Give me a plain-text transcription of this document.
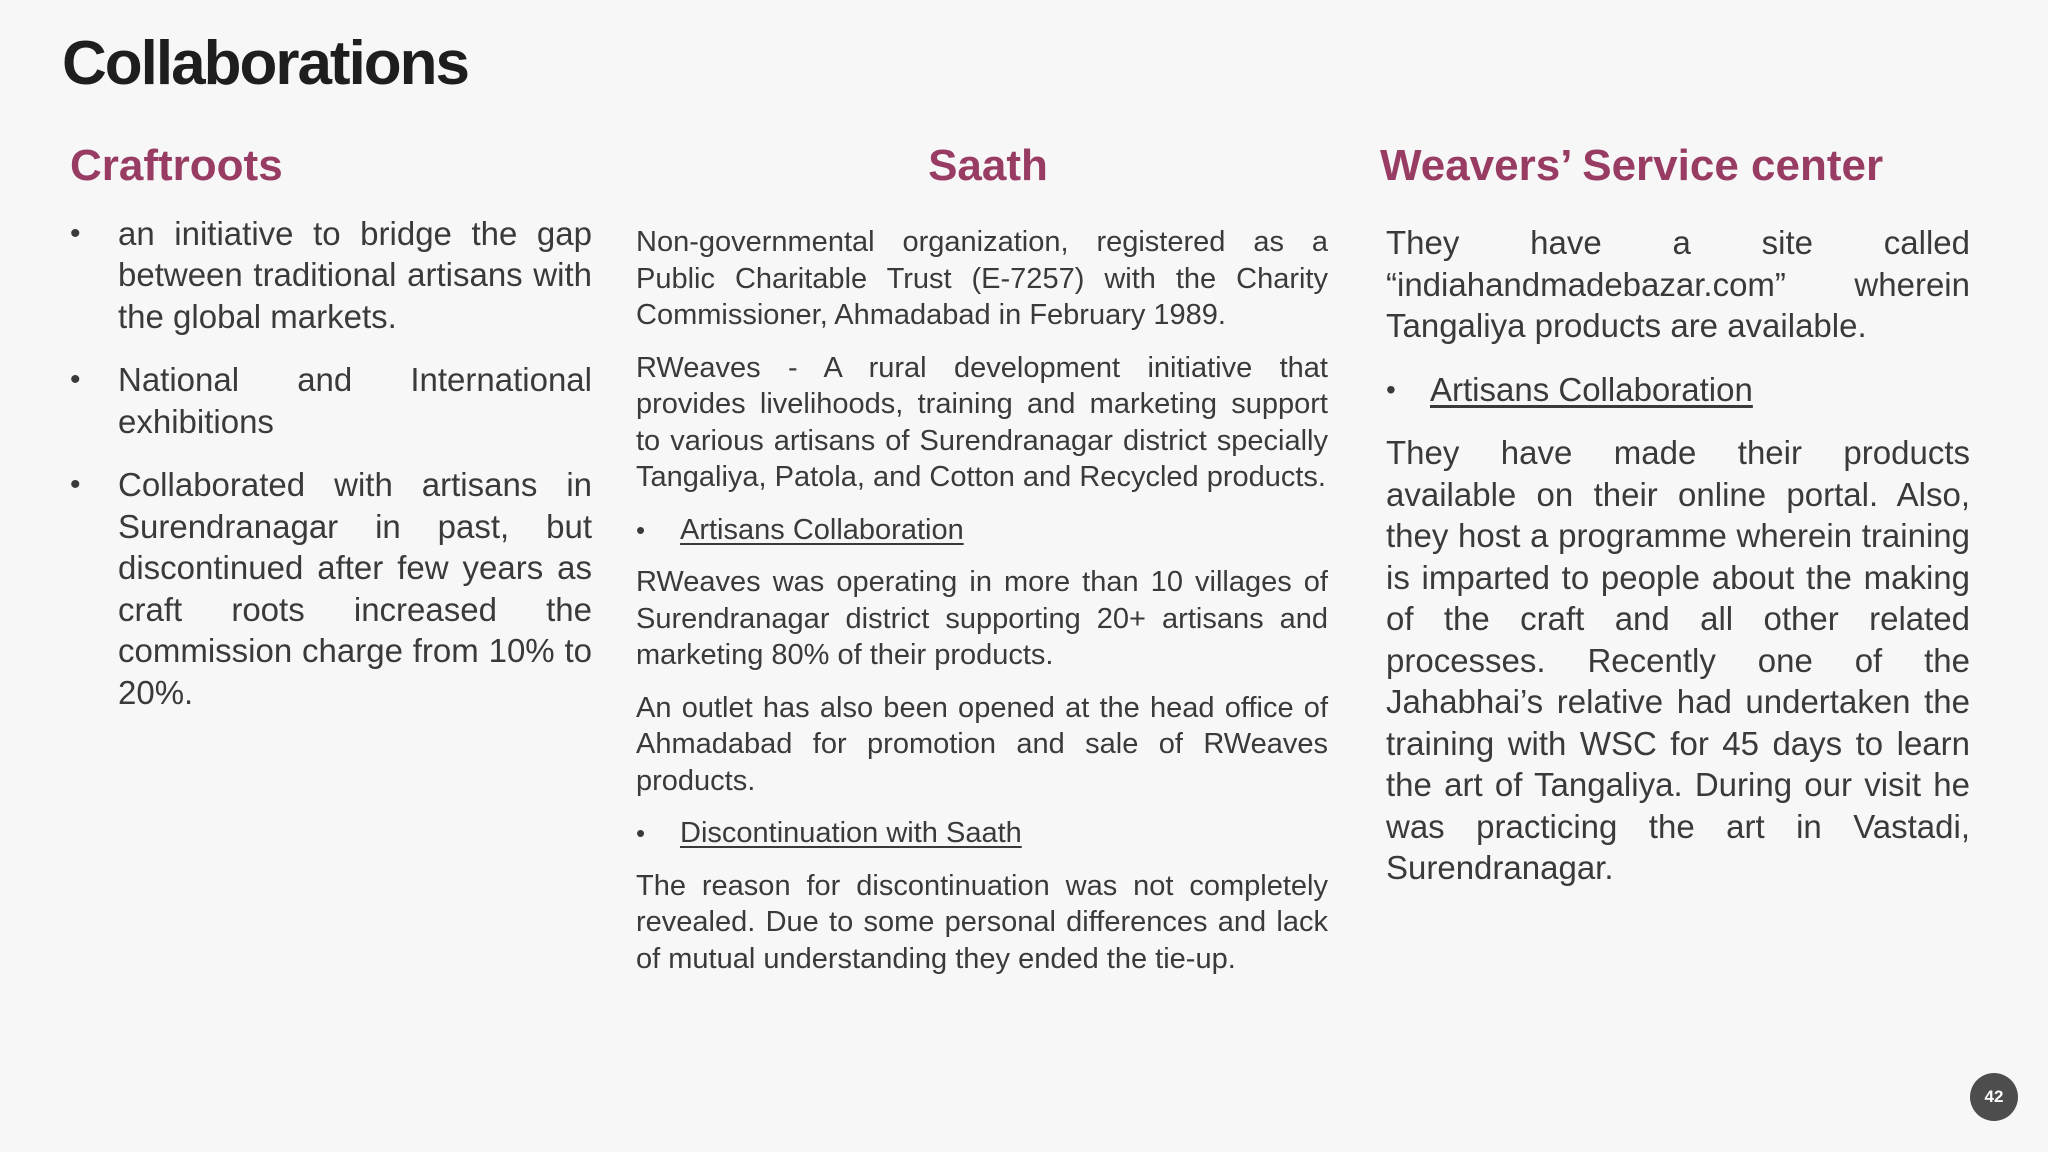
Collaborations
Craftroots
• an initiative to bridge the gap between traditional artisans with the global markets.
• National and International exhibitions
• Collaborated with artisans in Surendranagar in past, but discontinued after few years as craft roots increased the commission charge from 10% to 20%.
Saath

Non-governmental organization, registered as a Public Charitable Trust (E-7257) with the Charity Commissioner, Ahmadabad in February 1989.

RWeaves - A rural development initiative that provides livelihoods, training and marketing support to various artisans of Surendranagar district specially Tangaliya, Patola, and Cotton and Recycled products.

• Artisans Collaboration

RWeaves was operating in more than 10 villages of Surendranagar district supporting 20+ artisans and marketing 80% of their products.

An outlet has also been opened at the head office of Ahmadabad for promotion and sale of RWeaves products.

• Discontinuation with Saath

The reason for discontinuation was not completely revealed. Due to some personal differences and lack of mutual understanding they ended the tie-up.

Weavers’ Service center

They have a site called “indiahandmadebazar.com” wherein Tangaliya products are available.

• Artisans Collaboration

They have made their products available on their online portal. Also, they host a programme wherein training is imparted to people about the making of the craft and all other related processes. Recently one of the Jahabhai’s relative had undertaken the training with WSC for 45 days to learn the art of Tangaliya. During our visit he was practicing the art in Vastadi, Surendranagar.

42
